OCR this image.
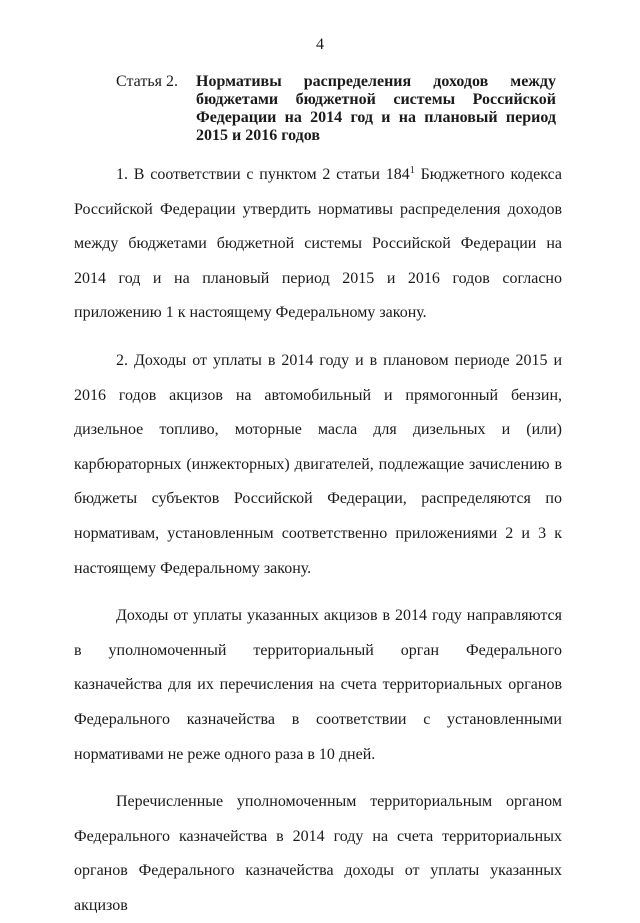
4
Статья 2. Нормативы распределения доходов между бюджетами бюджетной системы Российской Федерации на 2014 год и на плановый период 2015 и 2016 годов

1. В соответствии с пунктом 2 статьи $184^1$ Бюджетного кодекса Российской Федерации утвердить нормативы распределения доходов между бюджетами бюджетной системы Российской Федерации на 2014 год и на плановый период 2015 и 2016 годов согласно приложению 1 к настоящему Федеральному закону.

2. Доходы от уплаты в 2014 году и в плановом периоде 2015 и 2016 годов акцизов на автомобильный и прямогонный бензин, дизельное топливо, моторные масла для дизельных и (или) карбюраторных (инжекторных) двигателей, подлежащие зачислению в бюджеты субъектов Российской Федерации, распределяются по нормативам, установленным соответственно приложениями 2 и 3 к настоящему Федеральному закону.

Доходы от уплаты указанных акцизов в 2014 году направляются в уполномоченный территориальный орган Федерального казначейства для их перечисления на счета территориальных органов Федерального казначейства в соответствии с установленными нормативами не реже одного раза в 10 дней.

Перечисленные уполномоченным территориальным органом Федерального казначейства в 2014 году на счета территориальных органов Федерального казначейства доходы от уплаты указанных акцизов
